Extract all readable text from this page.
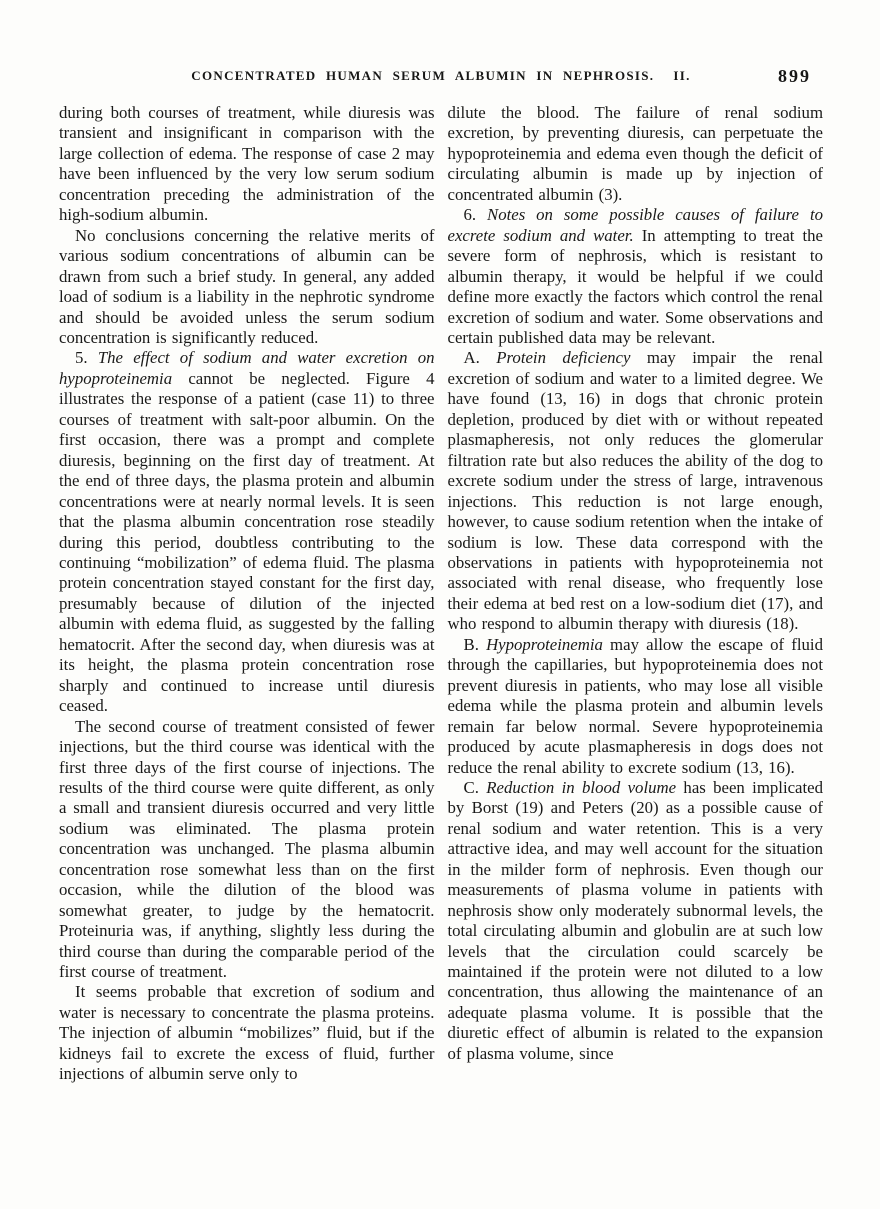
CONCENTRATED HUMAN SERUM ALBUMIN IN NEPHROSIS.  II.	899

during both courses of treatment, while diuresis was transient and insignificant in comparison with the large collection of edema. The response of case 2 may have been influenced by the very low serum sodium concentration preceding the administration of the high-sodium albumin.

No conclusions concerning the relative merits of various sodium concentrations of albumin can be drawn from such a brief study. In general, any added load of sodium is a liability in the nephrotic syndrome and should be avoided unless the serum sodium concentration is significantly reduced.

5. The effect of sodium and water excretion on hypoproteinemia cannot be neglected. Figure 4 illustrates the response of a patient (case 11) to three courses of treatment with salt-poor albumin. On the first occasion, there was a prompt and complete diuresis, beginning on the first day of treatment. At the end of three days, the plasma protein and albumin concentrations were at nearly normal levels. It is seen that the plasma albumin concentration rose steadily during this period, doubtless contributing to the continuing “mobilization” of edema fluid. The plasma protein concentration stayed constant for the first day, presumably because of dilution of the injected albumin with edema fluid, as suggested by the falling hematocrit. After the second day, when diuresis was at its height, the plasma protein concentration rose sharply and continued to increase until diuresis ceased.

The second course of treatment consisted of fewer injections, but the third course was identical with the first three days of the first course of injections. The results of the third course were quite different, as only a small and transient diuresis occurred and very little sodium was eliminated. The plasma protein concentration was unchanged. The plasma albumin concentration rose somewhat less than on the first occasion, while the dilution of the blood was somewhat greater, to judge by the hematocrit. Proteinuria was, if anything, slightly less during the third course than during the comparable period of the first course of treatment.

It seems probable that excretion of sodium and water is necessary to concentrate the plasma proteins. The injection of albumin “mobilizes” fluid, but if the kidneys fail to excrete the excess of fluid, further injections of albumin serve only to

dilute the blood. The failure of renal sodium excretion, by preventing diuresis, can perpetuate the hypoproteinemia and edema even though the deficit of circulating albumin is made up by injection of concentrated albumin (3).

6. Notes on some possible causes of failure to excrete sodium and water. In attempting to treat the severe form of nephrosis, which is resistant to albumin therapy, it would be helpful if we could define more exactly the factors which control the renal excretion of sodium and water. Some observations and certain published data may be relevant.

A. Protein deficiency may impair the renal excretion of sodium and water to a limited degree. We have found (13, 16) in dogs that chronic protein depletion, produced by diet with or without repeated plasmapheresis, not only reduces the glomerular filtration rate but also reduces the ability of the dog to excrete sodium under the stress of large, intravenous injections. This reduction is not large enough, however, to cause sodium retention when the intake of sodium is low. These data correspond with the observations in patients with hypoproteinemia not associated with renal disease, who frequently lose their edema at bed rest on a low-sodium diet (17), and who respond to albumin therapy with diuresis (18).

B. Hypoproteinemia may allow the escape of fluid through the capillaries, but hypoproteinemia does not prevent diuresis in patients, who may lose all visible edema while the plasma protein and albumin levels remain far below normal. Severe hypoproteinemia produced by acute plasmapheresis in dogs does not reduce the renal ability to excrete sodium (13, 16).

C. Reduction in blood volume has been implicated by Borst (19) and Peters (20) as a possible cause of renal sodium and water retention. This is a very attractive idea, and may well account for the situation in the milder form of nephrosis. Even though our measurements of plasma volume in patients with nephrosis show only moderately subnormal levels, the total circulating albumin and globulin are at such low levels that the circulation could scarcely be maintained if the protein were not diluted to a low concentration, thus allowing the maintenance of an adequate plasma volume. It is possible that the diuretic effect of albumin is related to the expansion of plasma volume, since
